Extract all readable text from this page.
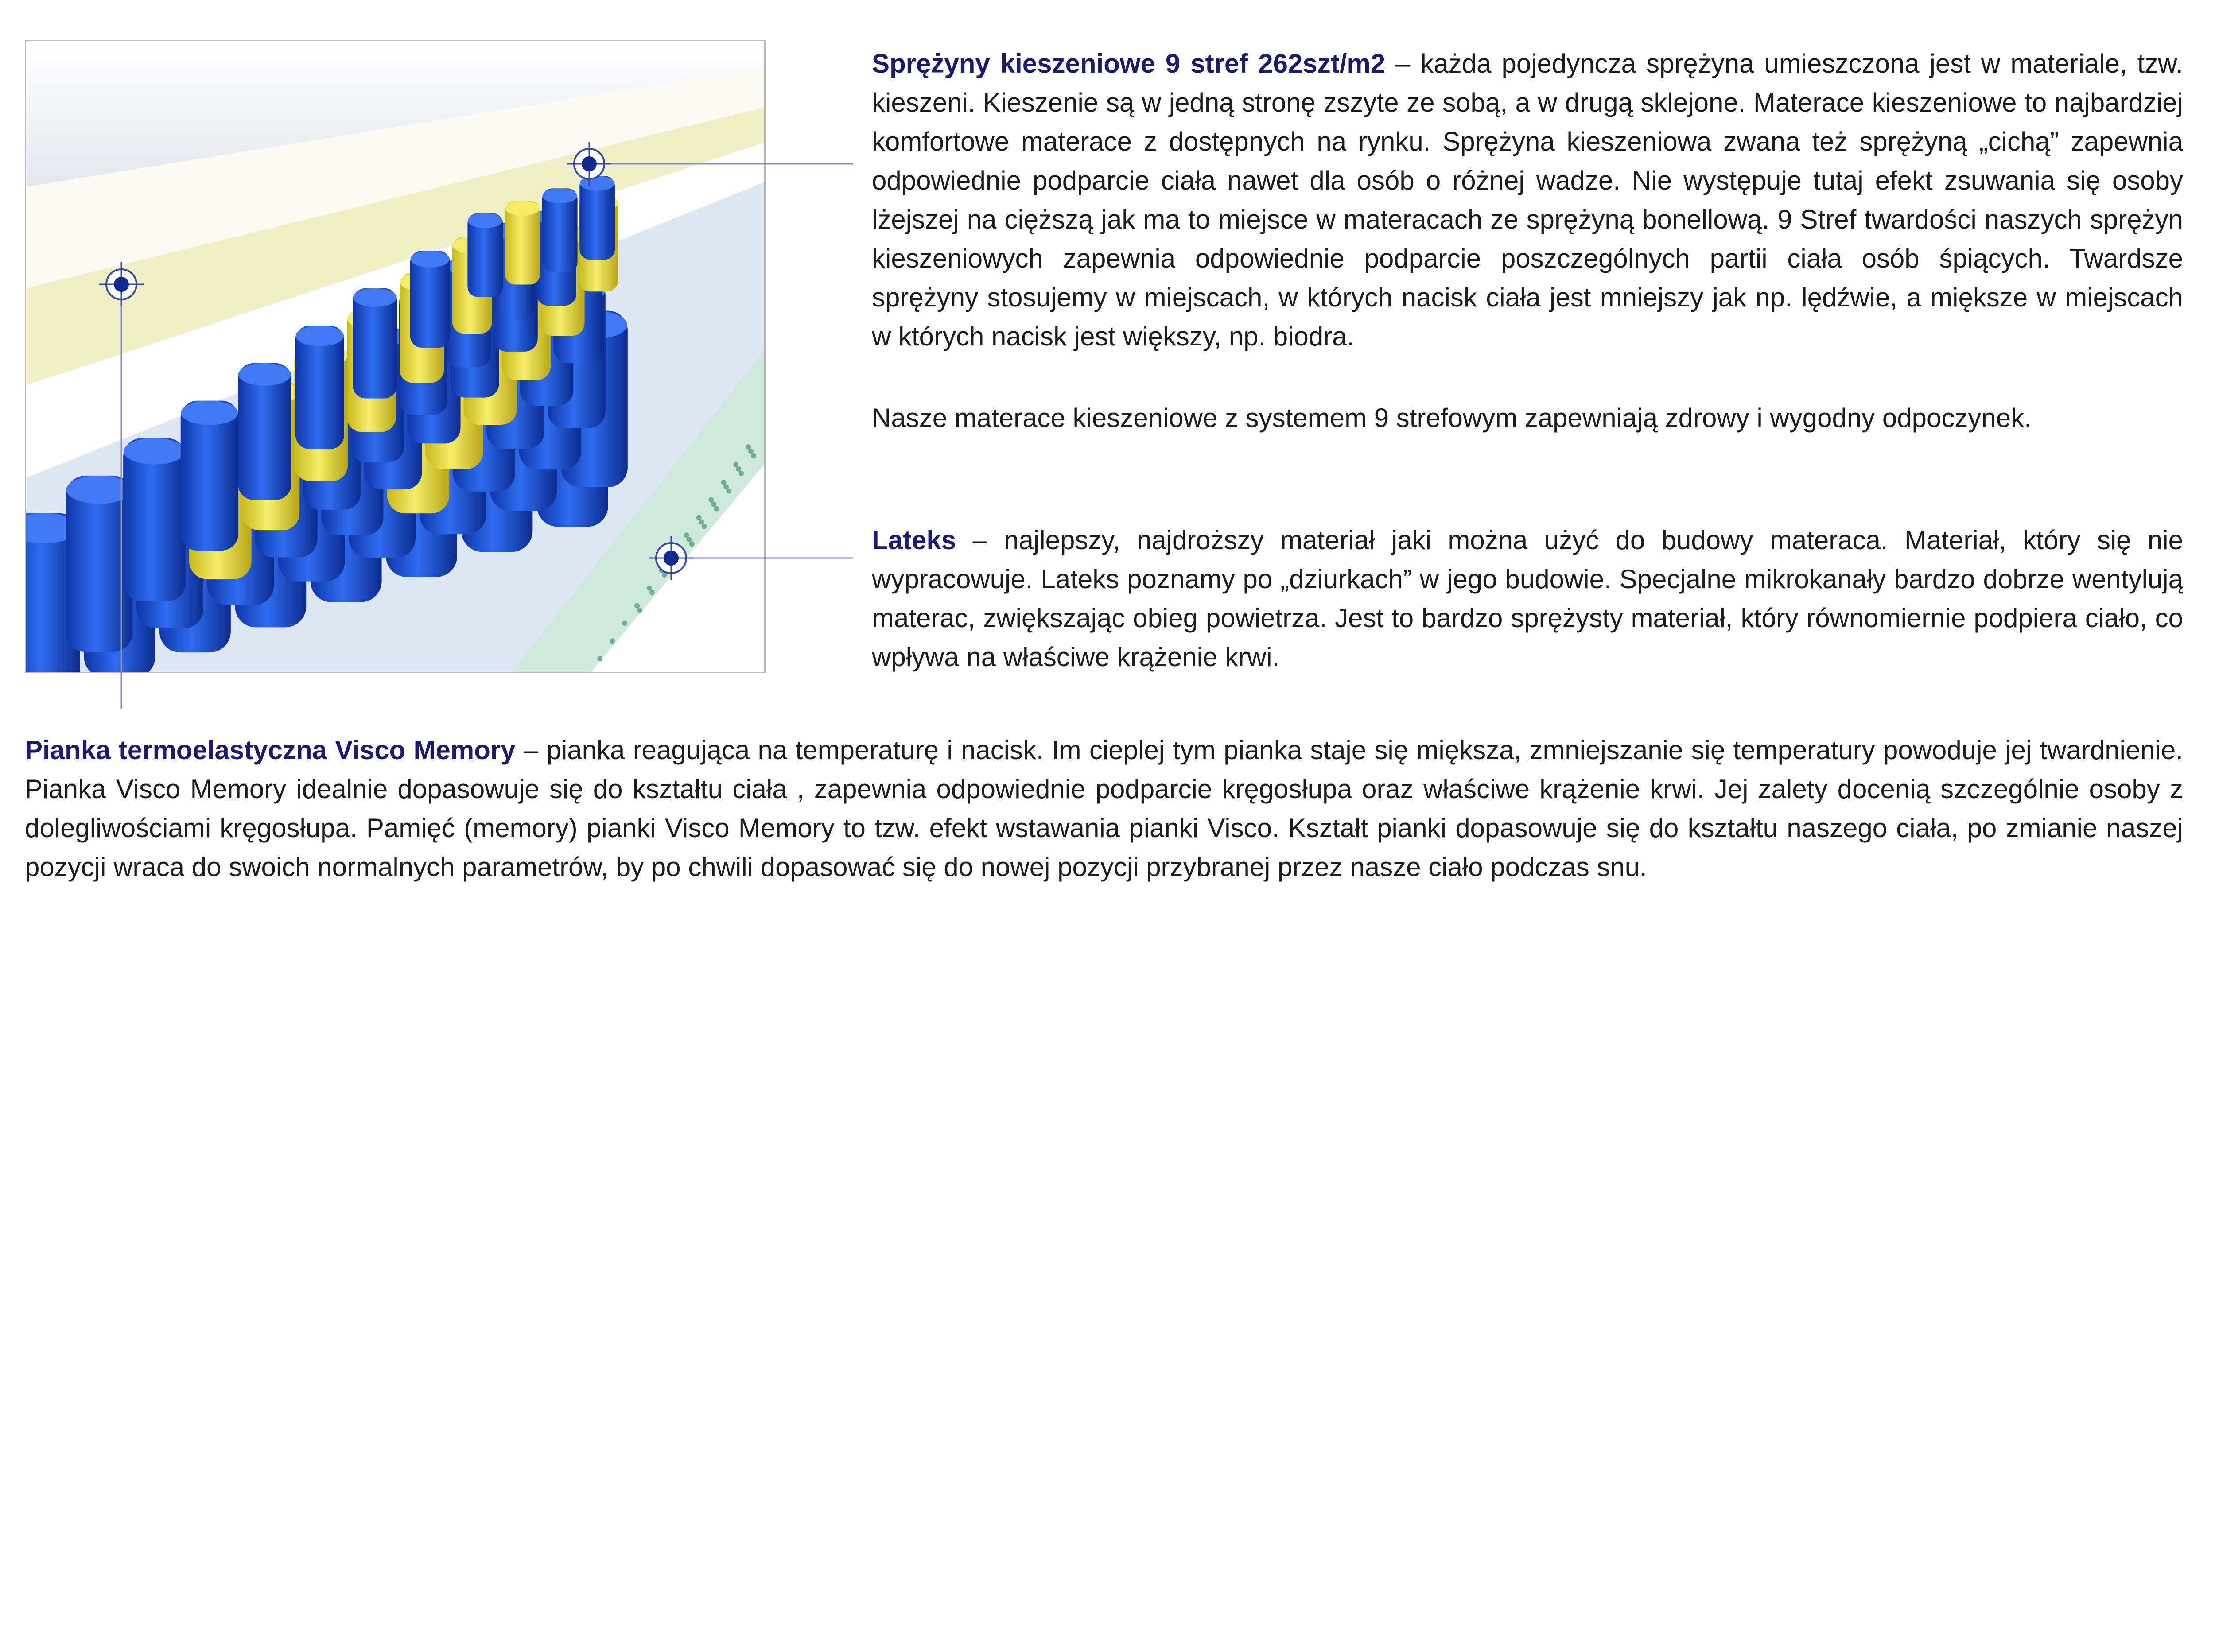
Sprężyny kieszeniowe 9 stref 262szt/m2 – każda pojedyncza sprężyna umieszczona jest w materiale, tzw. kieszeni. Kieszenie są w jedną stronę zszyte ze sobą, a w drugą sklejone. Materace kieszeniowe to najbardziej komfortowe materace z dostępnych na rynku. Sprężyna kieszeniowa zwana też sprężyną „cichą” zapewnia odpowiednie podparcie ciała nawet dla osób o różnej wadze. Nie występuje tutaj efekt zsuwania się osoby lżejszej na cięższą jak ma to miejsce w materacach ze sprężyną bonellową. 9 Stref twardości naszych sprężyn kieszeniowych zapewnia odpowiednie podparcie poszczególnych partii ciała osób śpiących. Twardsze sprężyny stosujemy w miejscach, w których nacisk ciała jest mniejszy jak np. lędźwie, a miększe w miejscach w których nacisk jest większy, np. biodra.

Nasze materace kieszeniowe z systemem 9 strefowym zapewniają zdrowy i wygodny odpoczynek.

Lateks – najlepszy, najdroższy materiał jaki można użyć do budowy materaca. Materiał, który się nie wypracowuje. Lateks poznamy po „dziurkach” w jego budowie. Specjalne mikrokanały bardzo dobrze wentylują materac, zwiększając obieg powietrza. Jest to bardzo sprężysty materiał, który równomiernie podpiera ciało, co wpływa na właściwe krążenie krwi.

Pianka termoelastyczna Visco Memory – pianka reagująca na temperaturę i nacisk. Im cieplej tym pianka staje się miększa, zmniejszanie się temperatury powoduje jej twardnienie. Pianka Visco Memory idealnie dopasowuje się do kształtu ciała , zapewnia odpowiednie podparcie kręgosłupa oraz właściwe krążenie krwi. Jej zalety docenią szczególnie osoby z dolegliwościami kręgosłupa. Pamięć (memory) pianki Visco Memory to tzw. efekt wstawania pianki Visco. Kształt pianki dopasowuje się do kształtu naszego ciała, po zmianie naszej pozycji wraca do swoich normalnych parametrów, by po chwili dopasować się do nowej pozycji przybranej przez nasze ciało podczas snu.
